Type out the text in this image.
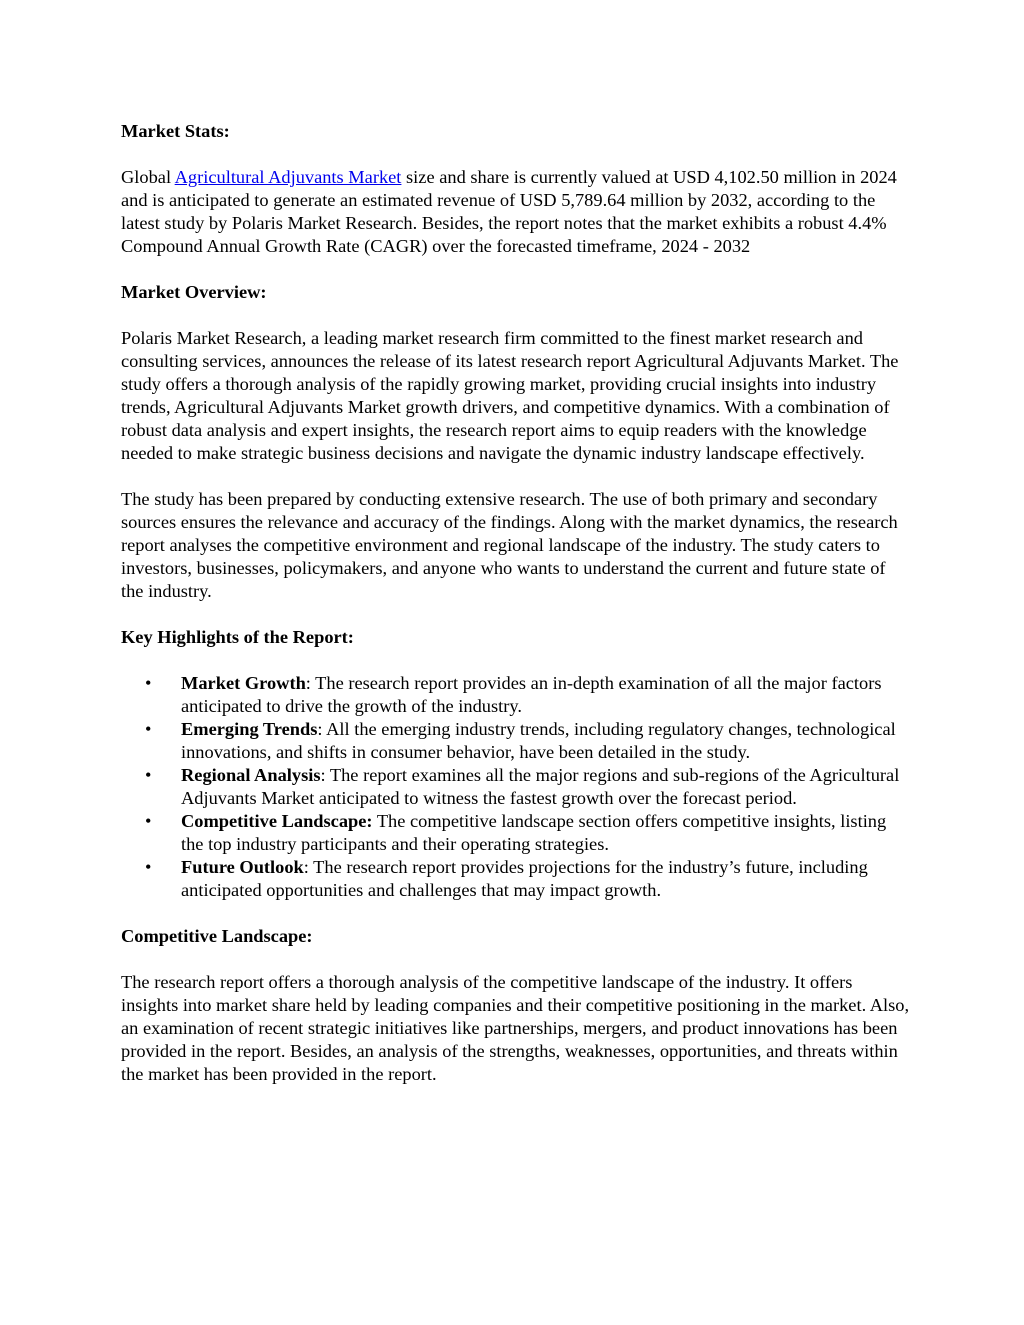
Market Stats:

Global Agricultural Adjuvants Market size and share is currently valued at USD 4,102.50 million in 2024 and is anticipated to generate an estimated revenue of USD 5,789.64 million by 2032, according to the latest study by Polaris Market Research. Besides, the report notes that the market exhibits a robust 4.4% Compound Annual Growth Rate (CAGR) over the forecasted timeframe, 2024 - 2032

Market Overview:

Polaris Market Research, a leading market research firm committed to the finest market research and consulting services, announces the release of its latest research report Agricultural Adjuvants Market. The study offers a thorough analysis of the rapidly growing market, providing crucial insights into industry trends, Agricultural Adjuvants Market growth drivers, and competitive dynamics. With a combination of robust data analysis and expert insights, the research report aims to equip readers with the knowledge needed to make strategic business decisions and navigate the dynamic industry landscape effectively.

The study has been prepared by conducting extensive research. The use of both primary and secondary sources ensures the relevance and accuracy of the findings. Along with the market dynamics, the research report analyses the competitive environment and regional landscape of the industry. The study caters to investors, businesses, policymakers, and anyone who wants to understand the current and future state of the industry.

Key Highlights of the Report:

• Market Growth: The research report provides an in-depth examination of all the major factors anticipated to drive the growth of the industry.
• Emerging Trends: All the emerging industry trends, including regulatory changes, technological innovations, and shifts in consumer behavior, have been detailed in the study.
• Regional Analysis: The report examines all the major regions and sub-regions of the Agricultural Adjuvants Market anticipated to witness the fastest growth over the forecast period.
• Competitive Landscape: The competitive landscape section offers competitive insights, listing the top industry participants and their operating strategies.
• Future Outlook: The research report provides projections for the industry’s future, including anticipated opportunities and challenges that may impact growth.

Competitive Landscape:

The research report offers a thorough analysis of the competitive landscape of the industry. It offers insights into market share held by leading companies and their competitive positioning in the market. Also, an examination of recent strategic initiatives like partnerships, mergers, and product innovations has been provided in the report. Besides, an analysis of the strengths, weaknesses, opportunities, and threats within the market has been provided in the report.
